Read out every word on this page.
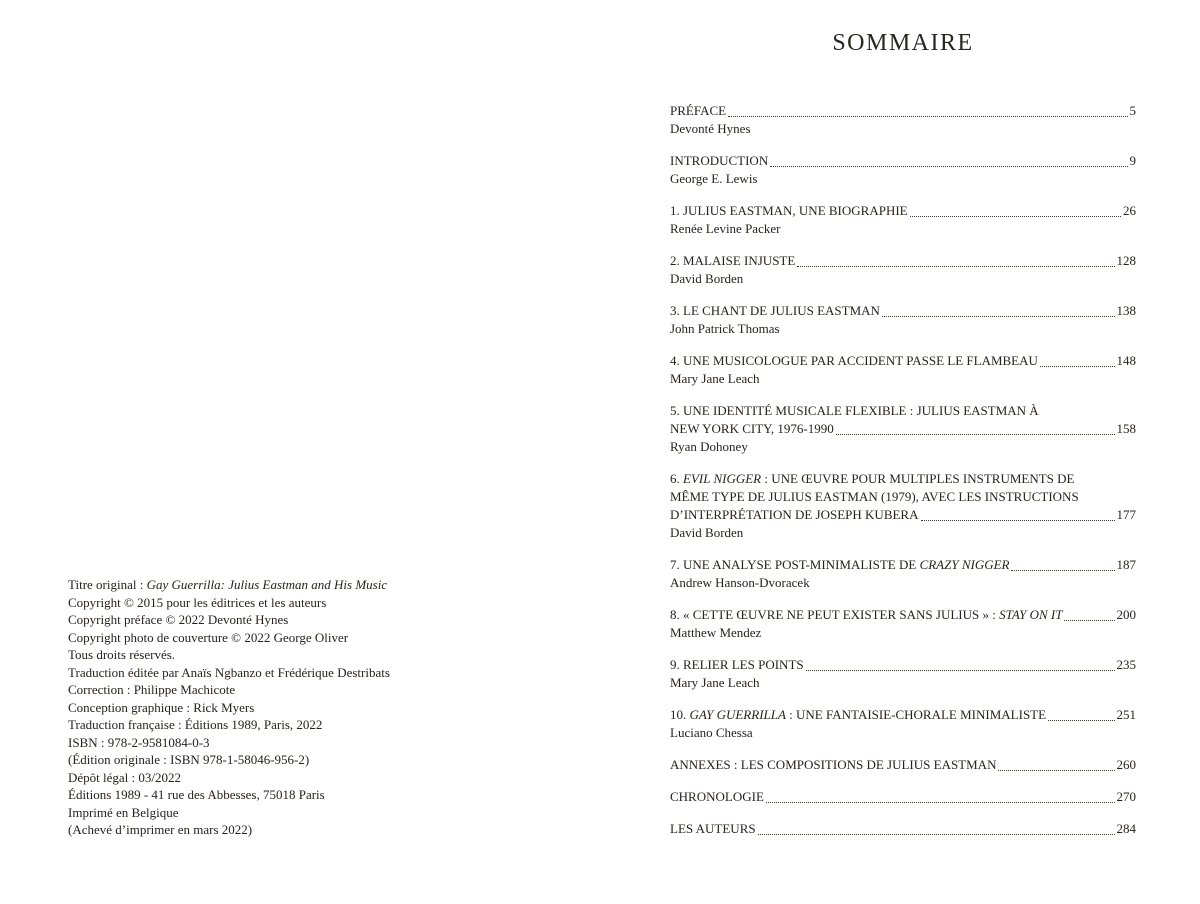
Titre original : Gay Guerrilla: Julius Eastman and His Music
Copyright © 2015 pour les éditrices et les auteurs
Copyright préface © 2022 Devonté Hynes
Copyright photo de couverture © 2022 George Oliver
Tous droits réservés.
Traduction éditée par Anaïs Ngbanzo et Frédérique Destribats
Correction : Philippe Machicote
Conception graphique : Rick Myers
Traduction française : Éditions 1989, Paris, 2022
ISBN : 978-2-9581084-0-3
(Édition originale : ISBN 978-1-58046-956-2)
Dépôt légal : 03/2022
Éditions 1989 - 41 rue des Abbesses, 75018 Paris
Imprimé en Belgique
(Achevé d’imprimer en mars 2022)
SOMMAIRE
PRÉFACE	5
Devonté Hynes
INTRODUCTION	9
George E. Lewis
1. JULIUS EASTMAN, UNE BIOGRAPHIE	26
Renée Levine Packer
2. MALAISE INJUSTE	128
David Borden
3. LE CHANT DE JULIUS EASTMAN	138
John Patrick Thomas
4. UNE MUSICOLOGUE PAR ACCIDENT PASSE LE FLAMBEAU	148
Mary Jane Leach
5. UNE IDENTITÉ MUSICALE FLEXIBLE : JULIUS EASTMAN À
NEW YORK CITY, 1976-1990	158
Ryan Dohoney
6. EVIL NIGGER : UNE ŒUVRE POUR MULTIPLES INSTRUMENTS DE
MÊME TYPE DE JULIUS EASTMAN (1979), AVEC LES INSTRUCTIONS
D’INTERPRÉTATION DE JOSEPH KUBERA	177
David Borden
7. UNE ANALYSE POST-MINIMALISTE DE CRAZY NIGGER	187
Andrew Hanson-Dvoracek
8. « CETTE ŒUVRE NE PEUT EXISTER SANS JULIUS » : STAY ON IT	200
Matthew Mendez
9. RELIER LES POINTS	235
Mary Jane Leach
10. GAY GUERRILLA : UNE FANTAISIE-CHORALE MINIMALISTE	251
Luciano Chessa
ANNEXES : LES COMPOSITIONS DE JULIUS EASTMAN	260
CHRONOLOGIE	270
LES AUTEURS	284
